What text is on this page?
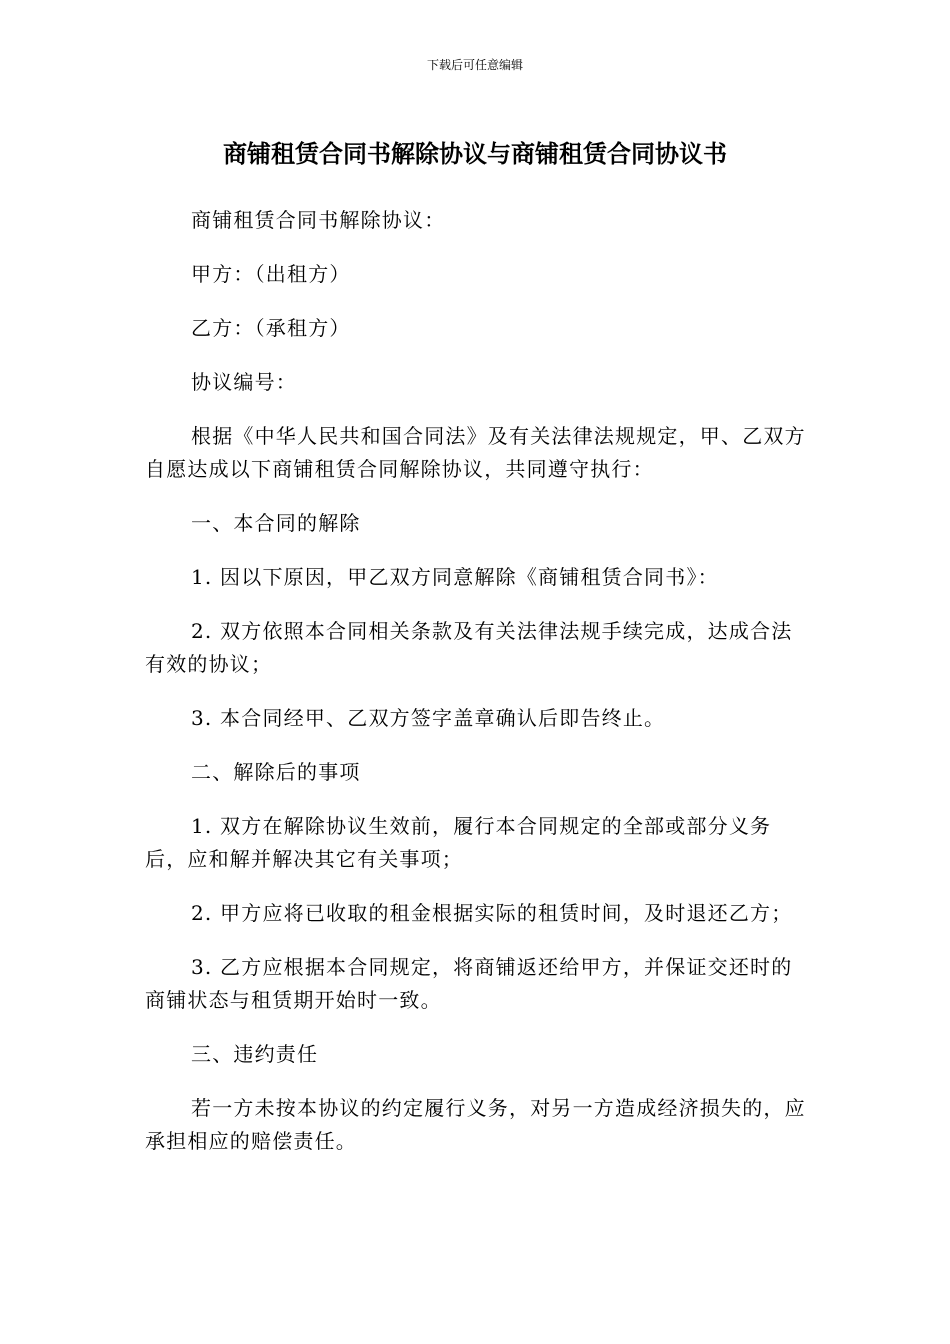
下载后可任意编辑
商铺租赁合同书解除协议与商铺租赁合同协议书

商铺租赁合同书解除协议：

甲方：（出租方）

乙方：（承租方）

协议编号：

根据《中华人民共和国合同法》及有关法律法规规定，甲、乙双方自愿达成以下商铺租赁合同解除协议，共同遵守执行：

一、本合同的解除

1. 因以下原因，甲乙双方同意解除《商铺租赁合同书》：

2. 双方依照本合同相关条款及有关法律法规手续完成，达成合法有效的协议；

3. 本合同经甲、乙双方签字盖章确认后即告终止。

二、解除后的事项

1. 双方在解除协议生效前，履行本合同规定的全部或部分义务后，应和解并解决其它有关事项；

2. 甲方应将已收取的租金根据实际的租赁时间，及时退还乙方；

3. 乙方应根据本合同规定，将商铺返还给甲方，并保证交还时的商铺状态与租赁期开始时一致。

三、违约责任

若一方未按本协议的约定履行义务，对另一方造成经济损失的，应承担相应的赔偿责任。
